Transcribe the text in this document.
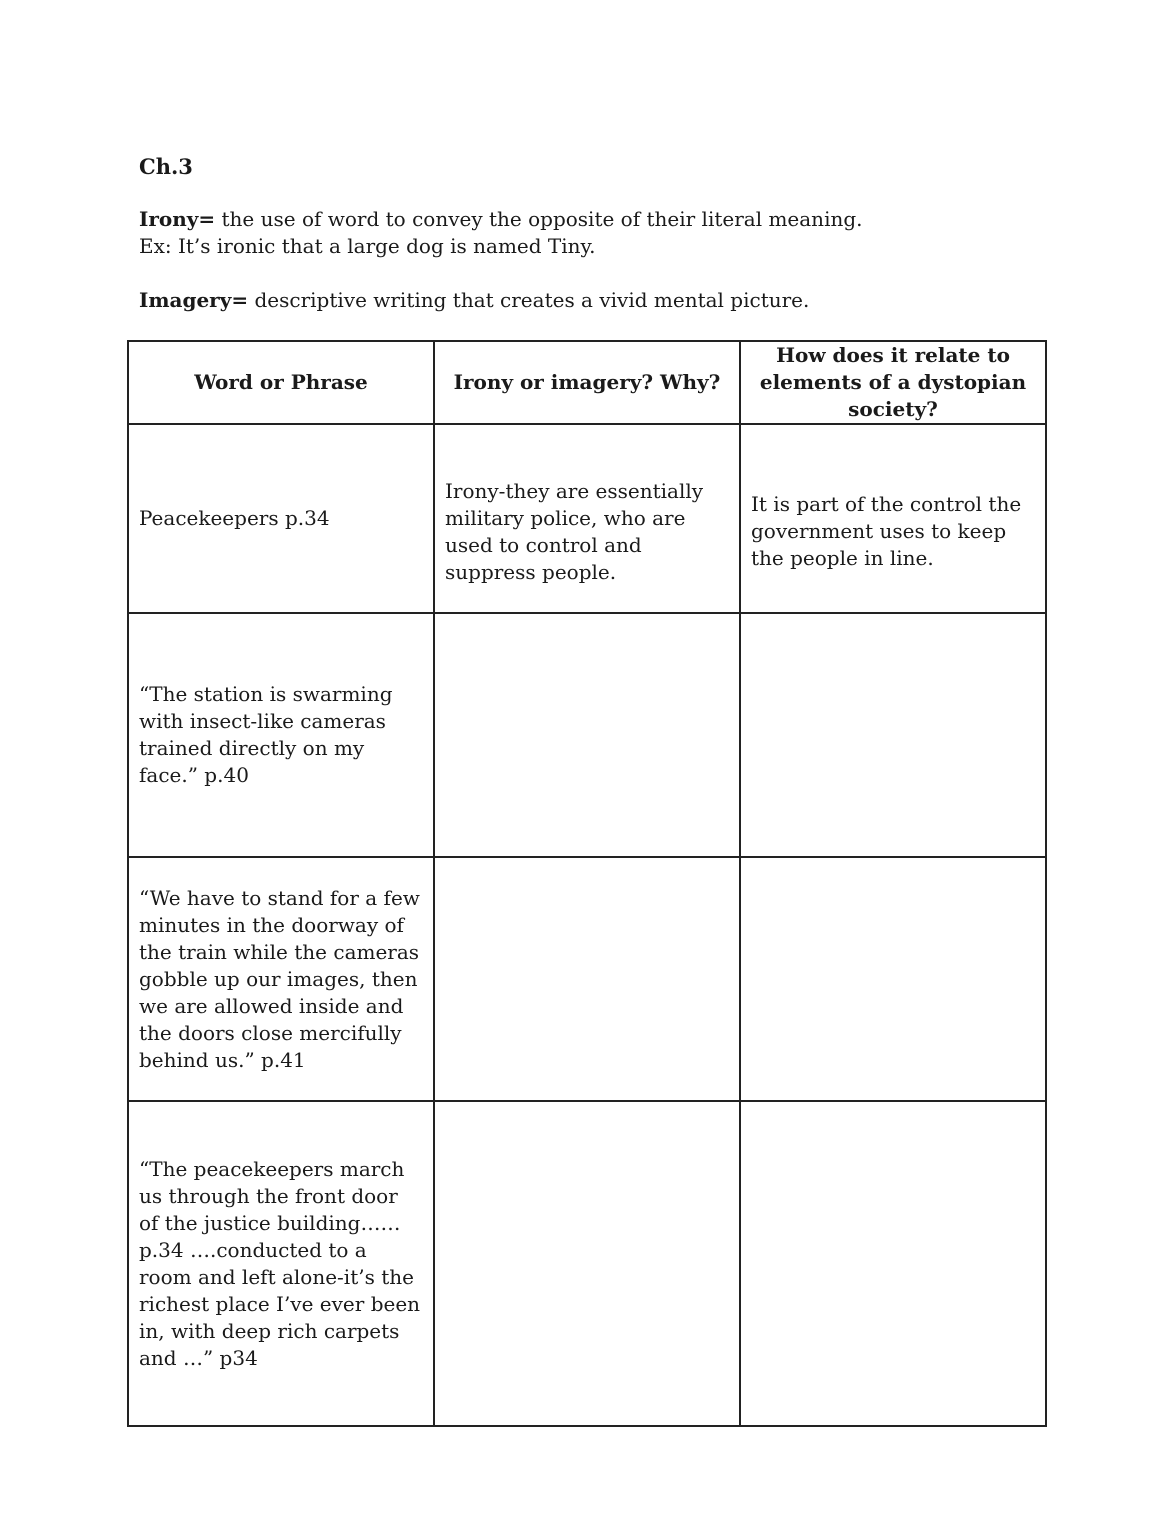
Ch.3
Irony= the use of word to convey the opposite of their literal meaning.
Ex: It’s ironic that a large dog is named Tiny.
Imagery= descriptive writing that creates a vivid mental picture.
Word or Phrase	Irony or imagery? Why?	How does it relate to elements of a dystopian society?
Peacekeepers p.34	Irony-they are essentially military police, who are used to control and suppress people.	It is part of the control the government uses to keep the people in line.
“The station is swarming with insect-like cameras trained directly on my face.” p.40		
“We have to stand for a few minutes in the doorway of the train while the cameras gobble up our images, then we are allowed inside and the doors close mercifully behind us.” p.41		
“The peacekeepers march us through the front door of the justice building……p.34 ….conducted to a room and left alone-it’s the richest place I’ve ever been in, with deep rich carpets and …” p34		
